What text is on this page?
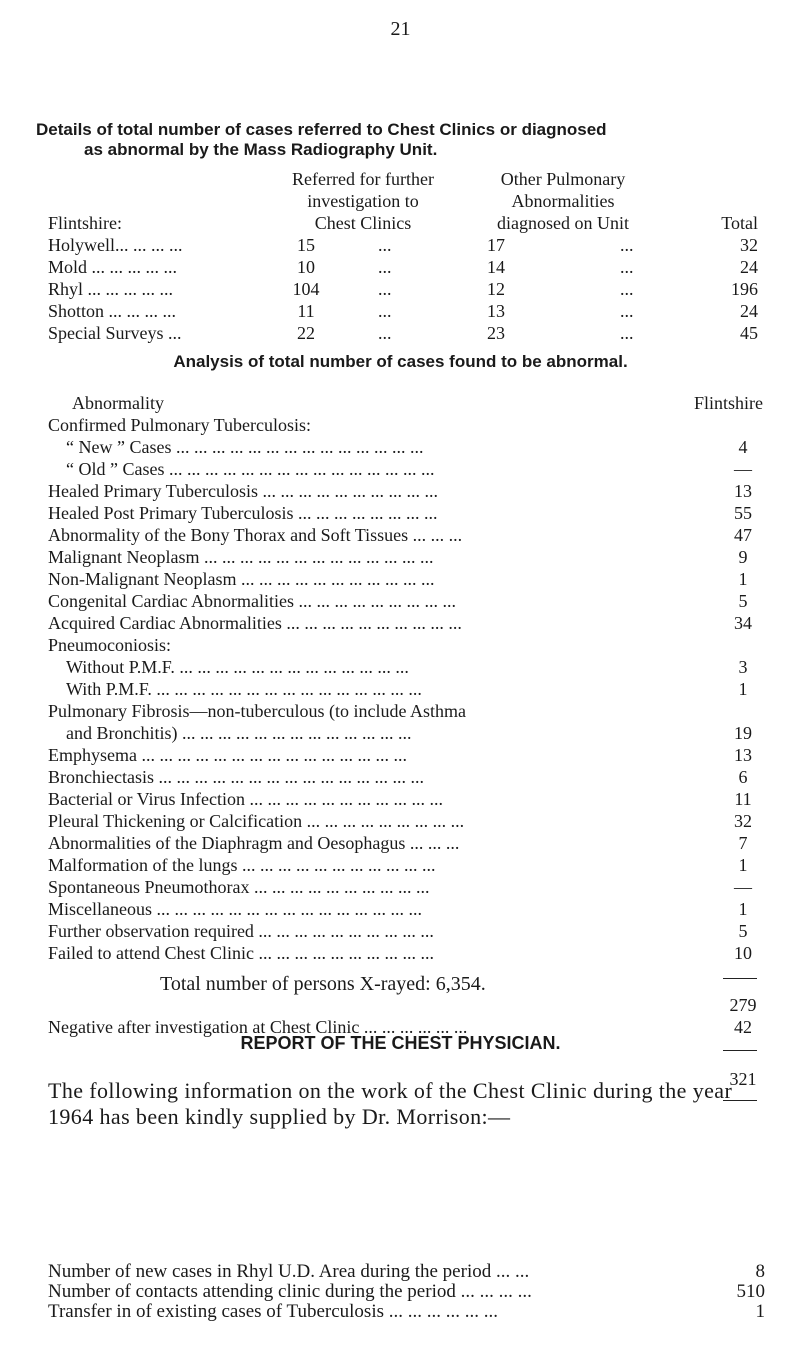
21
Details of total number of cases referred to Chest Clinics or diagnosed
as abnormal by the Mass Radiography Unit.
Referred for further
investigation to
Chest Clinics
Other Pulmonary
Abnormalities
diagnosed on Unit
Flintshire:	Total
Holywell... ... ... ...	15	...	17	...	32
Mold ... ... ... ... ...	10	...	14	...	24
Rhyl ... ... ... ... ...	104	...	12	...	196
Shotton ... ... ... ...	11	...	13	...	24
Special Surveys ...	22	...	23	...	45
Analysis of total number of cases found to be abnormal.
Abnormality	Flintshire
Confirmed Pulmonary Tuberculosis:
“ New ” Cases ... ... ... ... ... ... ... ... ... ... ... ... ... ...	4
“ Old ” Cases ... ... ... ... ... ... ... ... ... ... ... ... ... ... ...	—
Healed Primary Tuberculosis ... ... ... ... ... ... ... ... ... ...	13
Healed Post Primary Tuberculosis ... ... ... ... ... ... ... ...	55
Abnormality of the Bony Thorax and Soft Tissues ... ... ...	47
Malignant Neoplasm ... ... ... ... ... ... ... ... ... ... ... ... ...	9
Non-Malignant Neoplasm ... ... ... ... ... ... ... ... ... ... ...	1
Congenital Cardiac Abnormalities ... ... ... ... ... ... ... ... ...	5
Acquired Cardiac Abnormalities ... ... ... ... ... ... ... ... ... ...	34
Pneumoconiosis:
Without P.M.F. ... ... ... ... ... ... ... ... ... ... ... ... ...	3
With P.M.F. ... ... ... ... ... ... ... ... ... ... ... ... ... ... ...	1
Pulmonary Fibrosis—non-tuberculous (to include Asthma
and Bronchitis) ... ... ... ... ... ... ... ... ... ... ... ... ...	19
Emphysema ... ... ... ... ... ... ... ... ... ... ... ... ... ... ...	13
Bronchiectasis ... ... ... ... ... ... ... ... ... ... ... ... ... ... ...	6
Bacterial or Virus Infection ... ... ... ... ... ... ... ... ... ... ...	11
Pleural Thickening or Calcification ... ... ... ... ... ... ... ... ...	32
Abnormalities of the Diaphragm and Oesophagus ... ... ...	7
Malformation of the lungs ... ... ... ... ... ... ... ... ... ... ...	1
Spontaneous Pneumothorax ... ... ... ... ... ... ... ... ... ...	—
Miscellaneous ... ... ... ... ... ... ... ... ... ... ... ... ... ... ...	1
Further observation required ... ... ... ... ... ... ... ... ... ...	5
Failed to attend Chest Clinic ... ... ... ... ... ... ... ... ... ...	10
279
Negative after investigation at Chest Clinic ... ... ... ... ... ...	42
321
Total number of persons X-rayed: 6,354.
REPORT OF THE CHEST PHYSICIAN.
The following information on the work of the Chest Clinic during the year 1964 has been kindly supplied by Dr. Morrison:—
Number of new cases in Rhyl U.D. Area during the period ... ...	8
Number of contacts attending clinic during the period ... ... ... ...	510
Transfer in of existing cases of Tuberculosis ... ... ... ... ... ...	1
